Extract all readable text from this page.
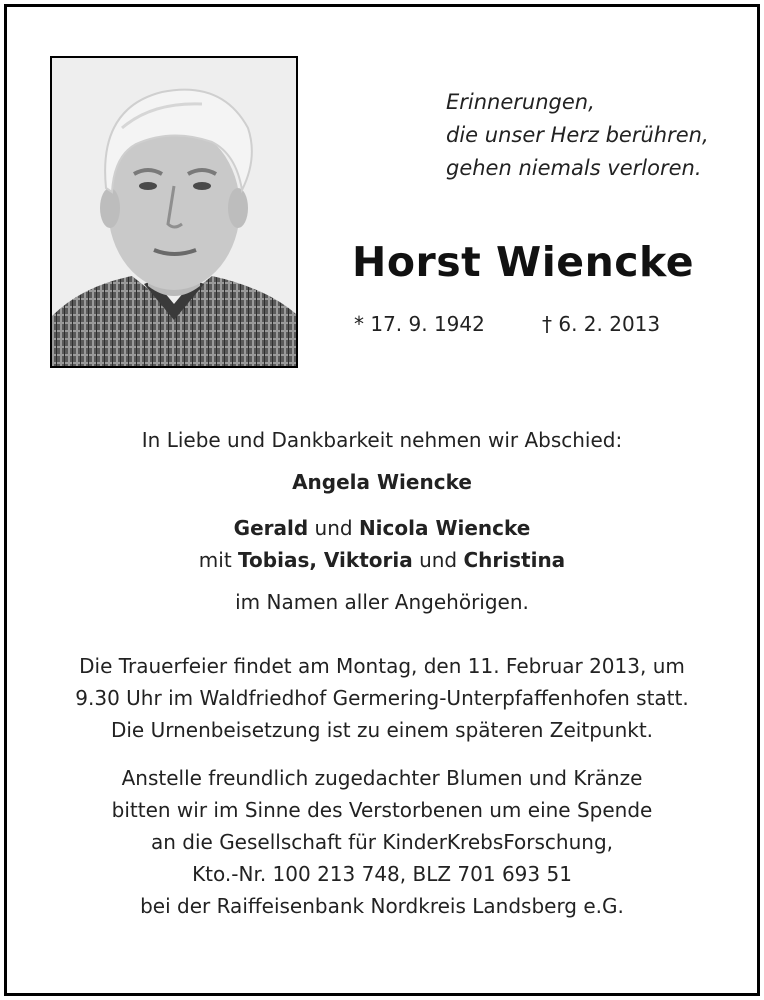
Erinnerungen,
die unser Herz berühren,
gehen niemals verloren.
Horst Wiencke
* 17. 9. 1942	† 6. 2. 2013
In Liebe und Dankbarkeit nehmen wir Abschied:
Angela Wiencke
Gerald und Nicola Wiencke
mit Tobias, Viktoria und Christina
im Namen aller Angehörigen.
Die Trauerfeier findet am Montag, den 11. Februar 2013, um
9.30 Uhr im Waldfriedhof Germering-Unterpfaffenhofen statt.
Die Urnenbeisetzung ist zu einem späteren Zeitpunkt.
Anstelle freundlich zugedachter Blumen und Kränze
bitten wir im Sinne des Verstorbenen um eine Spende
an die Gesellschaft für KinderKrebsForschung,
Kto.-Nr. 100 213 748, BLZ 701 693 51
bei der Raiffeisenbank Nordkreis Landsberg e.G.
